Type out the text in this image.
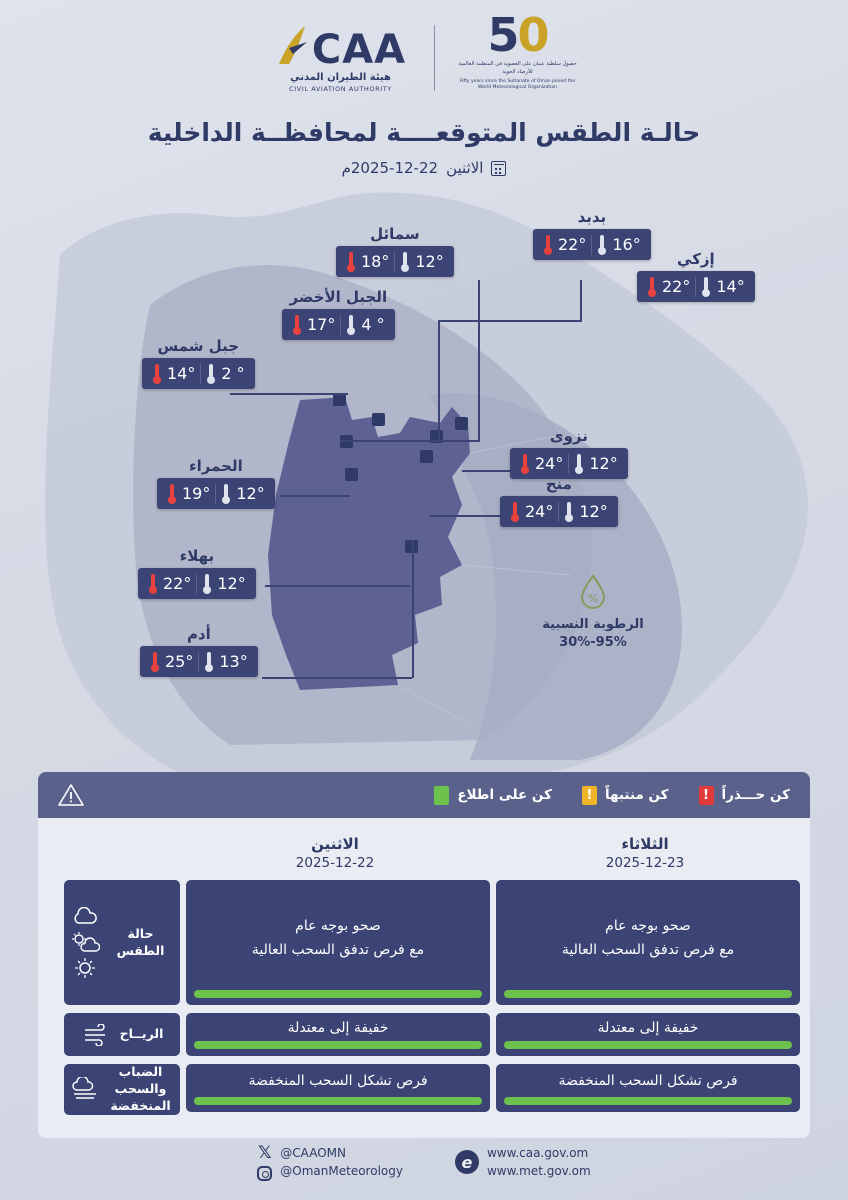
50
حصول سلطنة عمان على العضوية في المنظمة العالمية للأرصاد الجوية
Fifty years since the Sultanate of Oman joined the World Meteorological Organization
CAA
هيئة الطيران المدني
CIVIL AVIATION AUTHORITY
حالـة الطقس المتوقعــــة لمحافظــة الداخلية
الاثنين
2025-12-22م
سمائل
12°
18°
بدبد
16°
22°
إزكي
14°
22°
الجبل الأخضر
4 °
17°
جبل شمس
2 °
14°
نزوى
12°
24°
منح
12°
24°
الحمراء
12°
19°
بهلاء
12°
22°
أدم
13°
25°
%
الرطوبة النسبية
30%-95%
كن حـــذراً
!
كن منتبهاً
!
كن على اطلاع
الثلاثاء
2025-12-23
الاثنين
2025-12-22
صحو بوجه عام
مع فرص تدفق السحب العالية
صحو بوجه عام
مع فرص تدفق السحب العالية
حالة الطقس
خفيفة إلى معتدلة
خفيفة إلى معتدلة
الريــاح
فرص تشكل السحب المنخفضة
فرص تشكل السحب المنخفضة
الضباب والسحب المنخفضة
𝕏 @CAAOMN
@OmanMeteorology	e	www.caa.gov.om
www.met.gov.om
